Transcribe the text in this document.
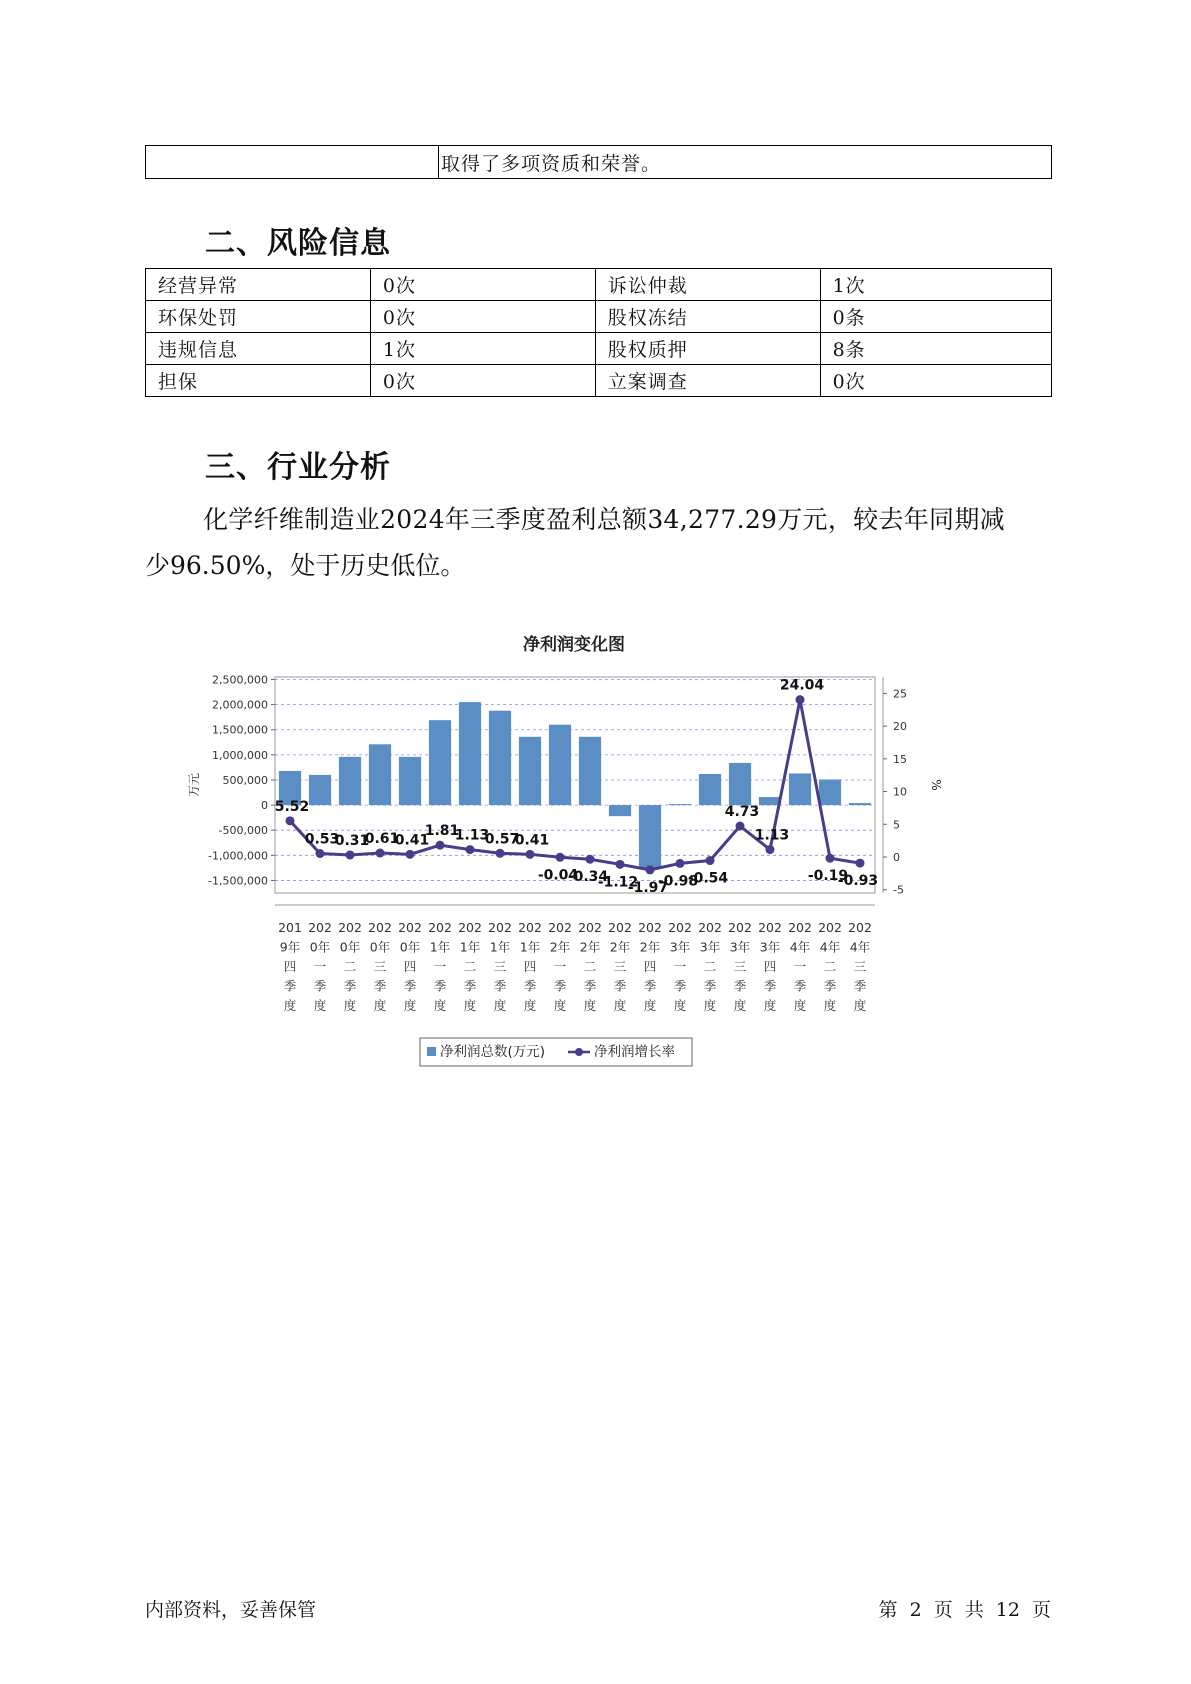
	取得了多项资质和荣誉。
二、风险信息
经营异常	0次	诉讼仲裁	1次
环保处罚	0次	股权冻结	0条
违规信息	1次	股权质押	8条
担保	0次	立案调查	0次
三、行业分析
化学纤维制造业2024年三季度盈利总额34,277.29万元，较去年同期减
少96.50%，处于历史低位。
净利润变化图
2,500,000
2,000,000
1,500,000
1,000,000
500,000
0
-500,000
-1,000,000
-1,500,000
25
20
15
10
5
0
-5
万元	%
5.52
0.53
0.31
0.61
0.41
1.81
1.13
0.57
0.41
-0.04
-0.34
-1.12
-1.97
-0.98
-0.54
4.73
1.13
24.04
-0.19
-0.93
201
9年
四
季
度
202
0年
一
季
度
202
0年
二
季
度
202
0年
三
季
度
202
0年
四
季
度
202
1年
一
季
度
202
1年
二
季
度
202
1年
三
季
度
202
1年
四
季
度
202
2年
一
季
度
202
2年
二
季
度
202
2年
三
季
度
202
2年
四
季
度
202
3年
一
季
度
202
3年
二
季
度
202
3年
三
季
度
202
3年
四
季
度
202
4年
一
季
度
202
4年
二
季
度
202
4年
三
季
度
净利润总数(万元)	净利润增长率
内部资料，妥善保管	第 2 页 共 12 页
